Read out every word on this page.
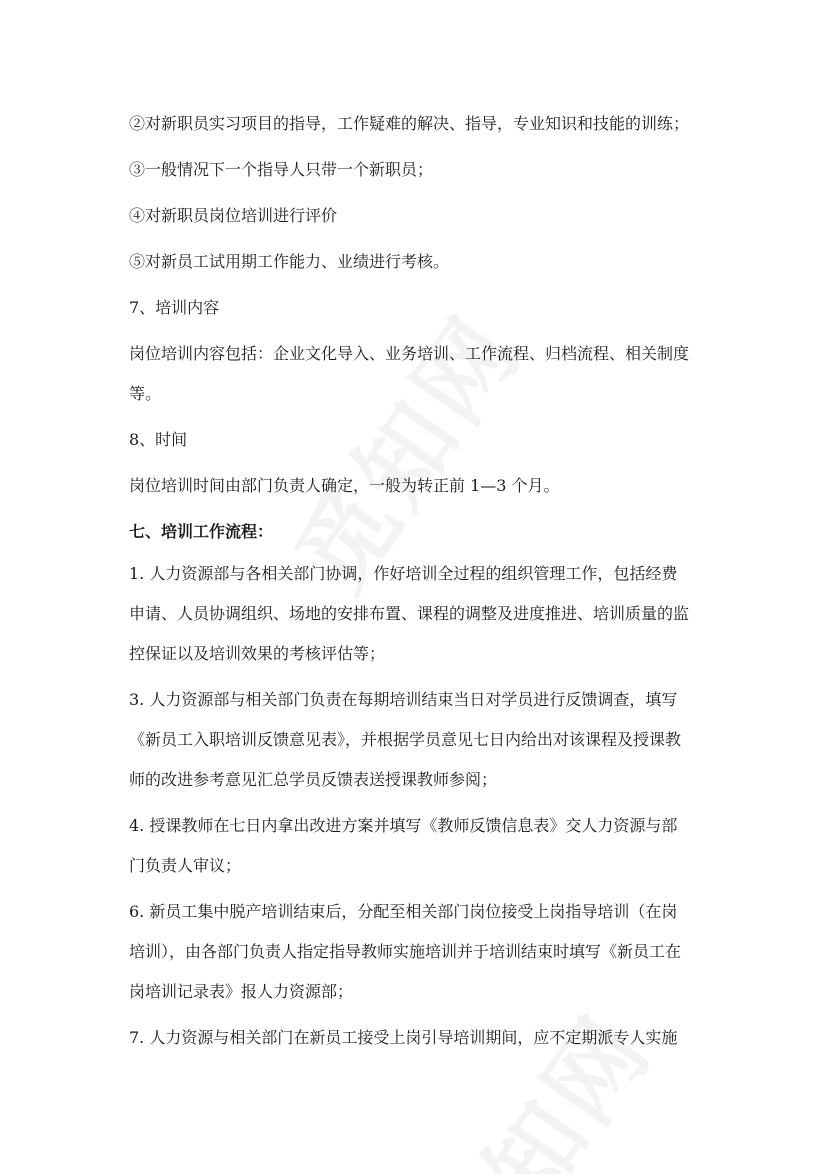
②对新职员实习项目的指导，工作疑难的解决、指导，专业知识和技能的训练；

③一般情况下一个指导人只带一个新职员；

④对新职员岗位培训进行评价

⑤对新员工试用期工作能力、业绩进行考核。

7、培训内容

岗位培训内容包括：企业文化导入、业务培训、工作流程、归档流程、相关制度

等。

8、时间

岗位培训时间由部门负责人确定，一般为转正前 1—3 个月。

七、培训工作流程：

1. 人力资源部与各相关部门协调，作好培训全过程的组织管理工作，包括经费

申请、人员协调组织、场地的安排布置、课程的调整及进度推进、培训质量的监

控保证以及培训效果的考核评估等；

3. 人力资源部与相关部门负责在每期培训结束当日对学员进行反馈调查，填写

《新员工入职培训反馈意见表》，并根据学员意见七日内给出对该课程及授课教

师的改进参考意见汇总学员反馈表送授课教师参阅；

4. 授课教师在七日内拿出改进方案并填写《教师反馈信息表》交人力资源与部

门负责人审议；

6. 新员工集中脱产培训结束后，分配至相关部门岗位接受上岗指导培训（在岗

培训），由各部门负责人指定指导教师实施培训并于培训结束时填写《新员工在

岗培训记录表》报人力资源部；

7. 人力资源与相关部门在新员工接受上岗引导培训期间，应不定期派专人实施
